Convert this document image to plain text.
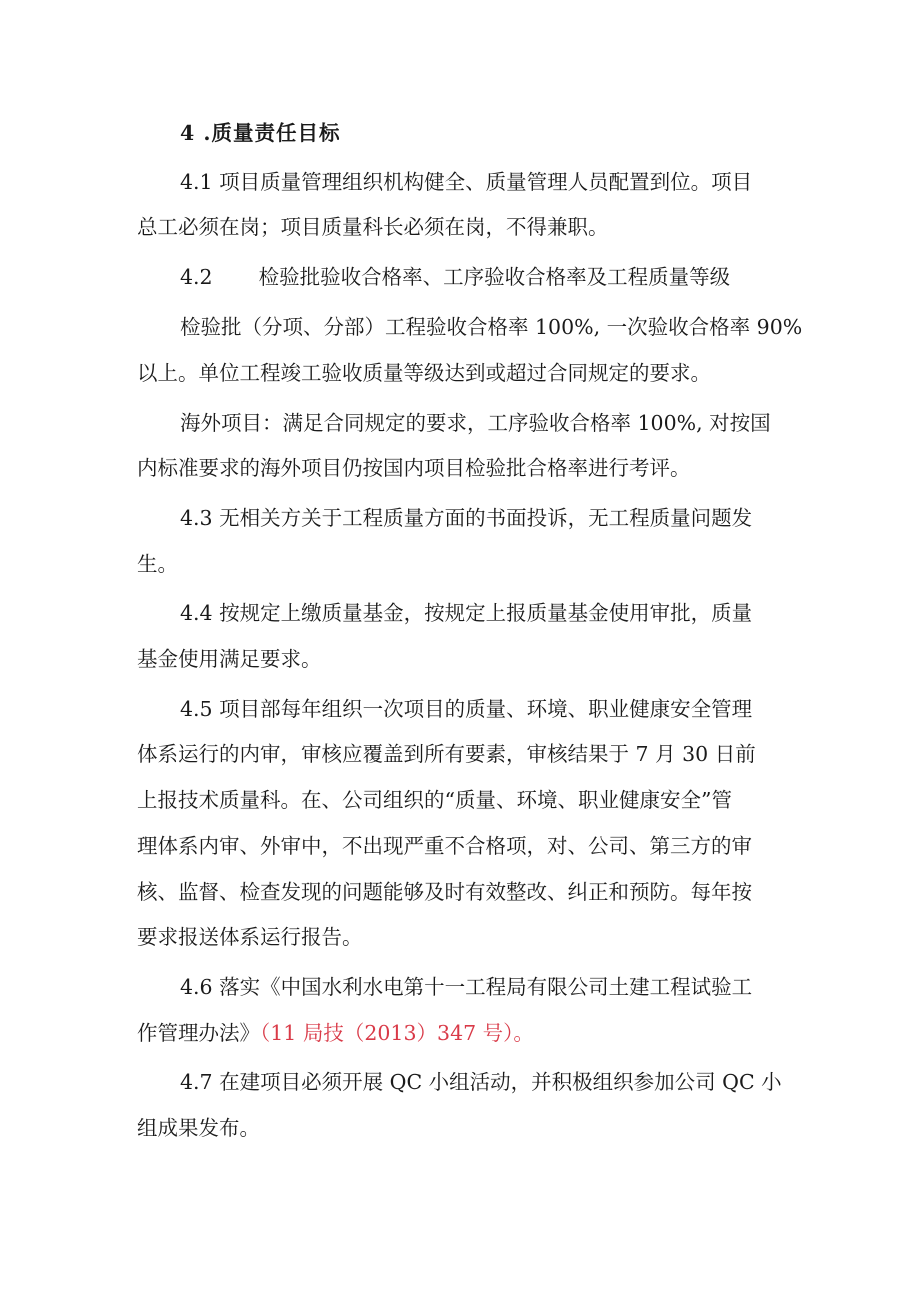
4 .质量责任目标
4.1 项目质量管理组织机构健全、质量管理人员配置到位。项目
总工必须在岗；项目质量科长必须在岗，不得兼职。
4.2 检验批验收合格率、工序验收合格率及工程质量等级
检验批（分项、分部）工程验收合格率 100%, 一次验收合格率 90%
以上。单位工程竣工验收质量等级达到或超过合同规定的要求。
海外项目：满足合同规定的要求，工序验收合格率 100%, 对按国
内标准要求的海外项目仍按国内项目检验批合格率进行考评。
4.3 无相关方关于工程质量方面的书面投诉，无工程质量问题发
生。
4.4 按规定上缴质量基金，按规定上报质量基金使用审批，质量
基金使用满足要求。
4.5 项目部每年组织一次项目的质量、环境、职业健康安全管理
体系运行的内审，审核应覆盖到所有要素，审核结果于 7 月 30 日前
上报技术质量科。在、公司组织的“质量、环境、职业健康安全”管
理体系内审、外审中，不出现严重不合格项，对、公司、第三方的审
核、监督、检查发现的问题能够及时有效整改、纠正和预防。每年按
要求报送体系运行报告。
4.6 落实《中国水利水电第十一工程局有限公司土建工程试验工
作管理办法》（11 局技（2013）347 号）。
4.7 在建项目必须开展 QC 小组活动，并积极组织参加公司 QC 小
组成果发布。
